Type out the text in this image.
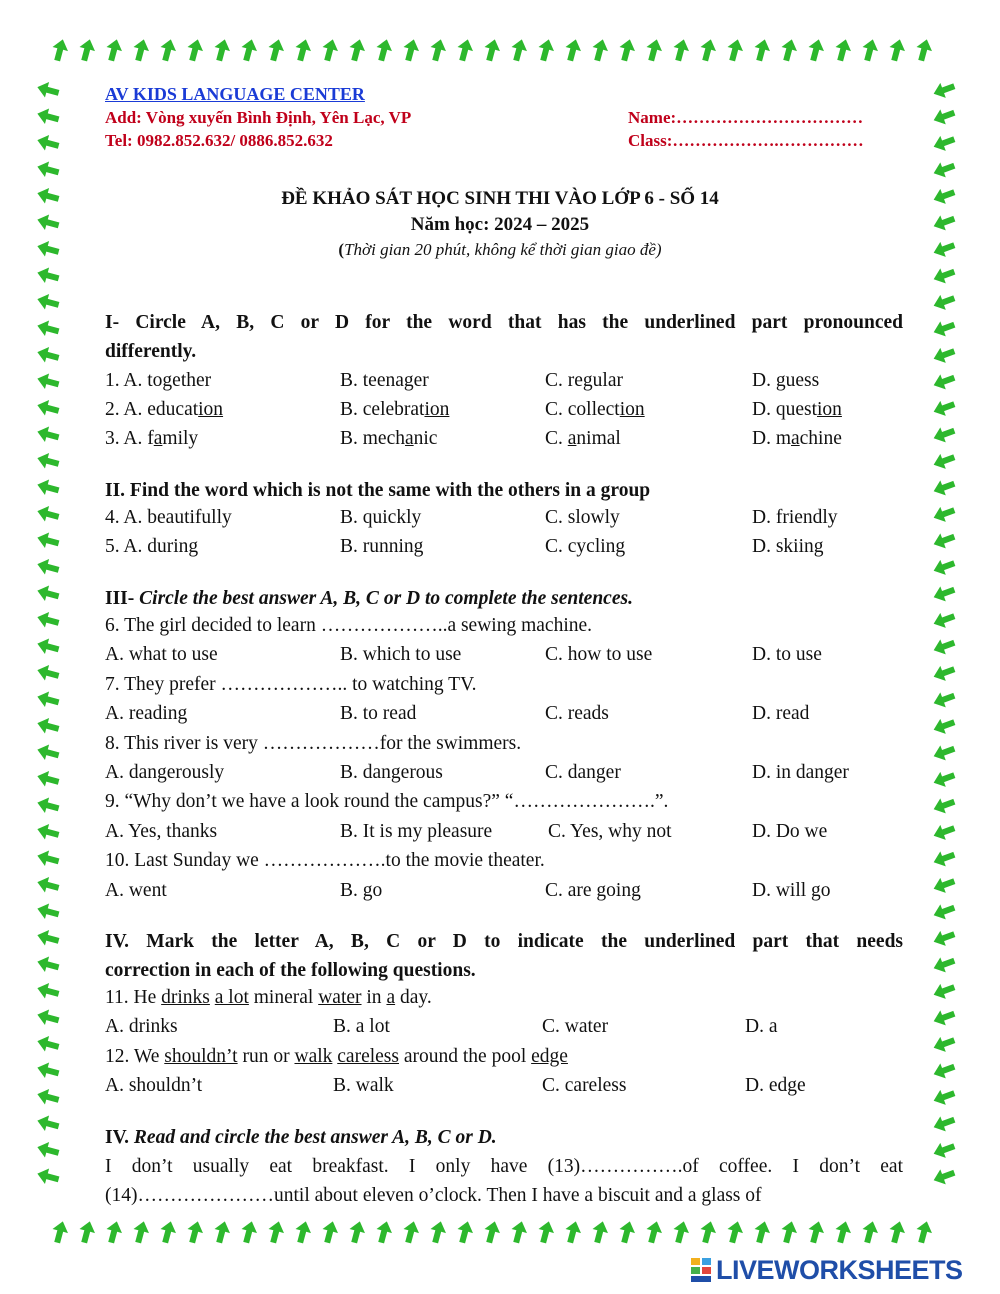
AV KIDS LANGUAGE CENTER
Add: Vòng xuyến Bình Định, Yên Lạc, VP
Tel: 0982.852.632/ 0886.852.632
Name:……………………………
Class:……………….……………
ĐỀ KHẢO SÁT HỌC SINH THI VÀO LỚP 6 - SỐ 14
Năm học: 2024 – 2025
(Thời gian 20 phút, không kể thời gian giao đề)
I- Circle A, B, C or D for the word that has the underlined part pronounced
differently.
1. A. together	B. teenager	C. regular	D. guess
2. A. education	B. celebration	C. collection	D. question
3. A. family	B. mechanic	C. animal	D. machine
II. Find the word which is not the same with the others in a group
4. A. beautifully	B. quickly	C. slowly	D. friendly
5. A. during	B. running	C. cycling	D. skiing
III- Circle the best answer A, B, C or D to complete the sentences.
6. The girl decided to learn ………………..a sewing machine.
A. what to use	B. which to use	C. how to use	D. to use
7. They prefer ……………….. to watching TV.
A. reading	B. to read	C. reads	D. read
8. This river is very ………………for the swimmers.
A. dangerously	B. dangerous	C. danger	D. in danger
9. “Why don’t we have a look round the campus?” “………………….”.
A. Yes, thanks	B. It is my pleasure	C. Yes, why not	D. Do we
10. Last Sunday we ……………….to the movie theater.
A. went	B. go	C. are going	D. will go
IV. Mark the letter A, B, C or D to indicate the underlined part that needs
correction in each of the following questions.
11. He drinks a lot mineral water in a day.
A. drinks	B. a lot	C. water	D. a
12. We shouldn’t run or walk careless around the pool edge
A. shouldn’t	B. walk	C. careless	D. edge
IV. Read and circle the best answer A, B, C or D.
I don’t usually eat breakfast. I only have (13)…………….of coffee. I don’t eat
(14)…………………until about eleven o’clock. Then I have a biscuit and a glass of
LIVEWORKSHEETS
